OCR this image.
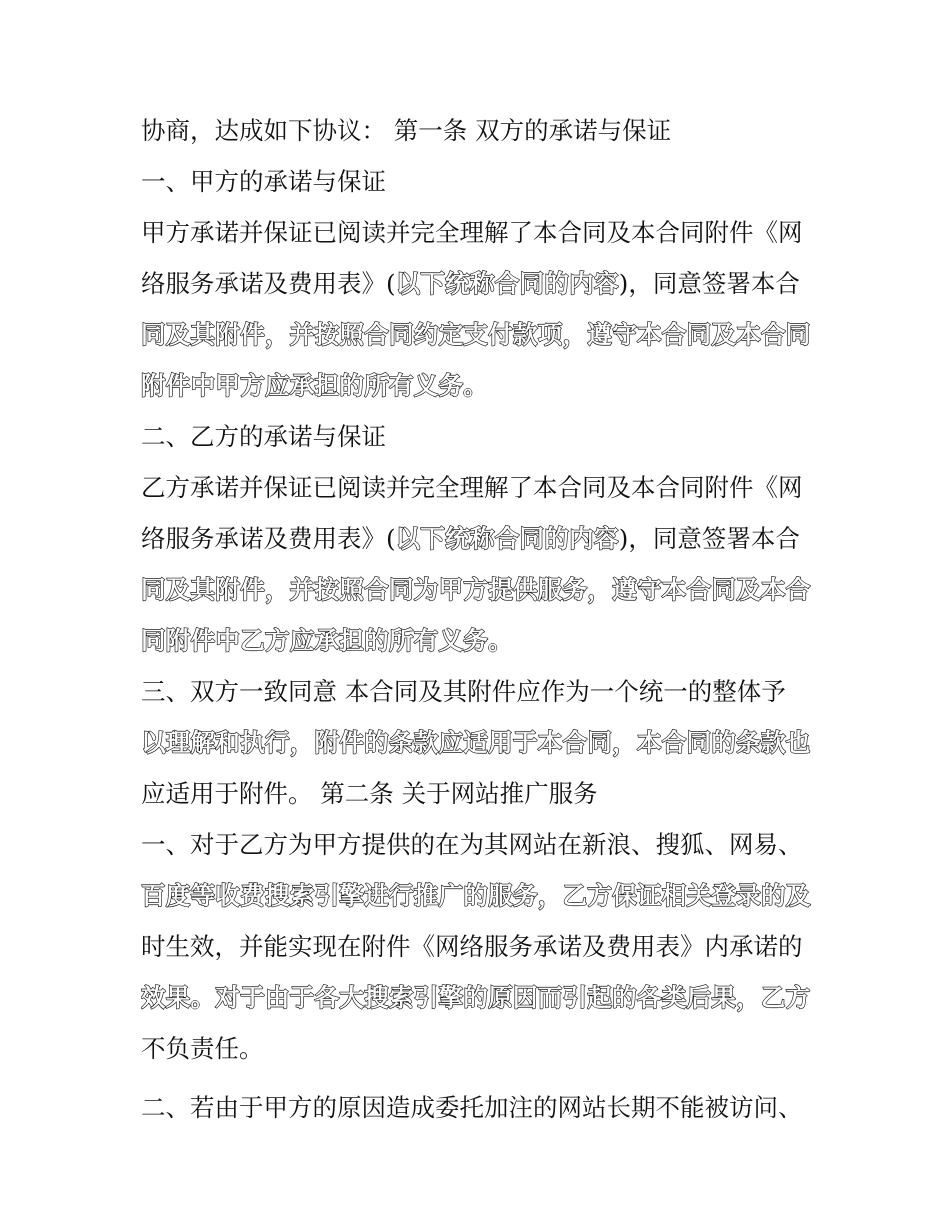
协商，达成如下协议： 第一条 双方的承诺与保证
一、甲方的承诺与保证
甲方承诺并保证已阅读并完全理解了本合同及本合同附件《网
络服务承诺及费用表》(以下统称合同的内容)，同意签署本合
同及其附件，并按照合同约定支付款项，遵守本合同及本合同
附件中甲方应承担的所有义务。
二、乙方的承诺与保证
乙方承诺并保证已阅读并完全理解了本合同及本合同附件《网
络服务承诺及费用表》(以下统称合同的内容)，同意签署本合
同及其附件，并按照合同为甲方提供服务，遵守本合同及本合
同附件中乙方应承担的所有义务。
三、双方一致同意 本合同及其附件应作为一个统一的整体予
以理解和执行，附件的条款应适用于本合同，本合同的条款也
应适用于附件。 第二条 关于网站推广服务
一、对于乙方为甲方提供的在为其网站在新浪、搜狐、网易、
百度等收费搜索引擎进行推广的服务，乙方保证相关登录的及
时生效，并能实现在附件《网络服务承诺及费用表》内承诺的
效果。对于由于各大搜索引擎的原因而引起的各类后果，乙方
不负责任。
二、若由于甲方的原因造成委托加注的网站长期不能被访问、
